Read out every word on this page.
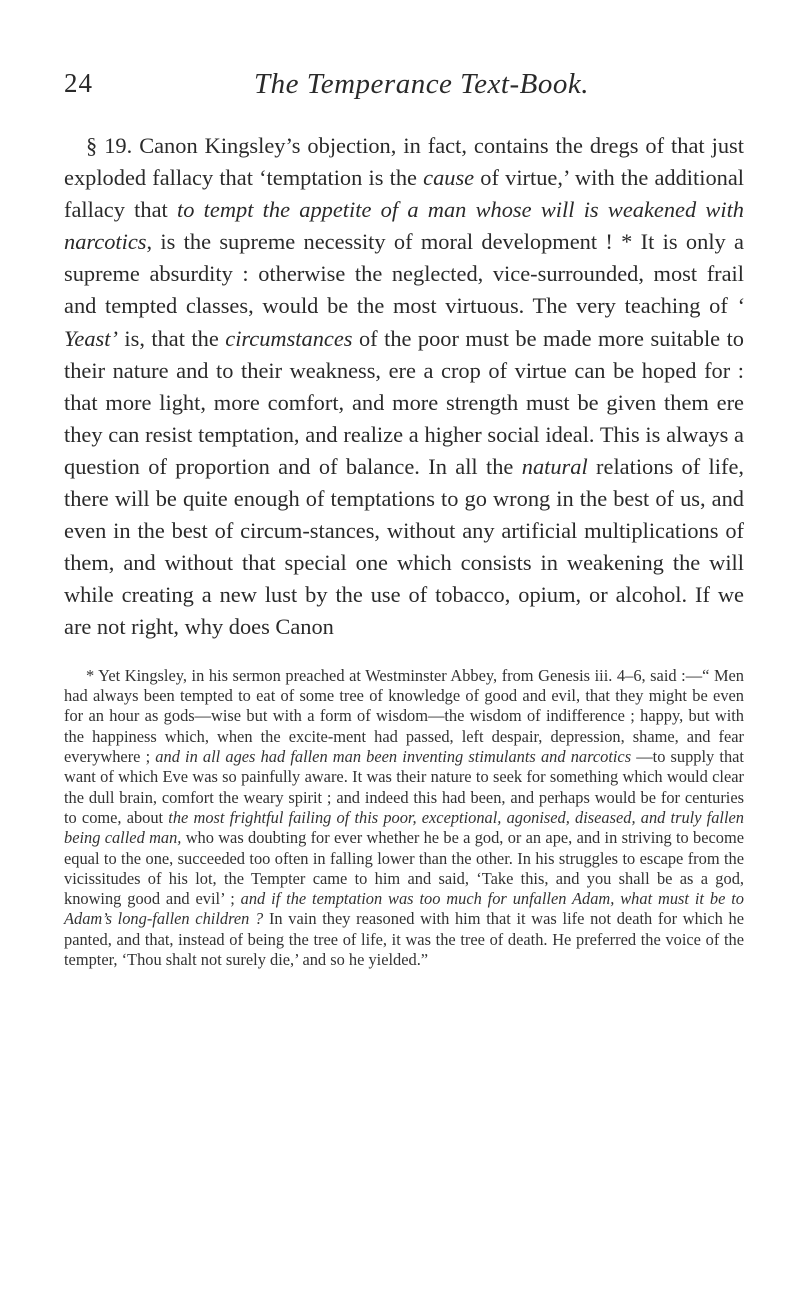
24	The Temperance Text-Book.

§ 19. Canon Kingsley’s objection, in fact, contains the dregs of that just exploded fallacy that ‘temptation is the cause of virtue,’ with the additional fallacy that to tempt the appetite of a man whose will is weakened with narcotics, is the supreme necessity of moral development ! * It is only a supreme absurdity : otherwise the neglected, vice-surrounded, most frail and tempted classes, would be the most virtuous. The very teaching of ‘ Yeast’ is, that the circumstances of the poor must be made more suitable to their nature and to their weakness, ere a crop of virtue can be hoped for : that more light, more comfort, and more strength must be given them ere they can resist temptation, and realize a higher social ideal. This is always a question of proportion and of balance. In all the natural relations of life, there will be quite enough of temptations to go wrong in the best of us, and even in the best of circum-stances, without any artificial multiplications of them, and without that special one which consists in weakening the will while creating a new lust by the use of tobacco, opium, or alcohol. If we are not right, why does Canon

* Yet Kingsley, in his sermon preached at Westminster Abbey, from Genesis iii. 4–6, said :—“ Men had always been tempted to eat of some tree of knowledge of good and evil, that they might be even for an hour as gods—wise but with a form of wisdom—the wisdom of indifference ; happy, but with the happiness which, when the excite-ment had passed, left despair, depression, shame, and fear everywhere ; and in all ages had fallen man been inventing stimulants and narcotics —to supply that want of which Eve was so painfully aware. It was their nature to seek for something which would clear the dull brain, comfort the weary spirit ; and indeed this had been, and perhaps would be for centuries to come, about the most frightful failing of this poor, exceptional, agonised, diseased, and truly fallen being called man, who was doubting for ever whether he be a god, or an ape, and in striving to become equal to the one, succeeded too often in falling lower than the other. In his struggles to escape from the vicissitudes of his lot, the Tempter came to him and said, ‘Take this, and you shall be as a god, knowing good and evil’ ; and if the temptation was too much for unfallen Adam, what must it be to Adam’s long-fallen children ? In vain they reasoned with him that it was life not death for which he panted, and that, instead of being the tree of life, it was the tree of death. He preferred the voice of the tempter, ‘Thou shalt not surely die,’ and so he yielded.”
